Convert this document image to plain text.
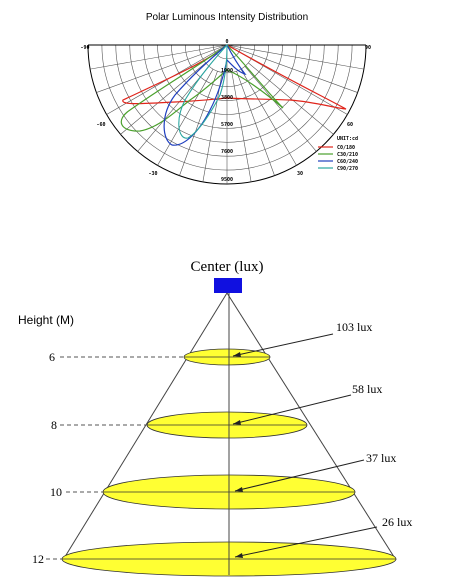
Polar Luminous Intensity Distribution
-90	90
-60	60
-30	30
0
1900
3800
5700
7600
9500
UNIT:cd
C0/180
C30/210
C60/240
C90/270
Center (lux)
Height (M)
6
8
10
12
103 lux
58 lux
37 lux
26 lux
